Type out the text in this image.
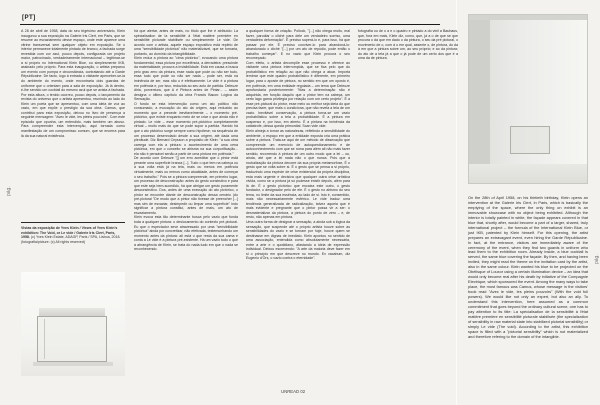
[PT]
pág.
pág.

A 28 de abril de 1958, data do seu trigésimo aniversário, Klein inaugurou a sua exposição na Galerie Iris Clert, em Paris, que se resume ao esvaziamento desse espaço, onde este aparece uma vitrine transversal sem qualquer objeto em exposição. Se o interior permanece totalmente pintado de branco, a fachada surge revestida com cor azul, pouco depois, configurada um projeto maior, patrocinado, verdadeiramente internacional – legitimar-se a si próprio no International Klein Blue, ou simplesmente IKB, assinado pelo próprio. Para esta inauguração, o artista preparou um evento com pompa e circunstância, contratando até a Garde Républicaine. De facto, logo à entrada o visitante aperceber-se-ia do ambiente do evento, onde encontraria dois guardas de uniforme que o orientam para a sala de exposição. Já lá dentro, é-lhe servido um cocktail do mesmo azul que se avista à fachada. Por esta altura, o tenido ocorreu, pouco depois, o lançamento da revista do universo que o artista apresentou, reunindo ao lado do Klein um poeta que se apresentou, com uma ideia de voz ao vazio, em que expõe o prestígio da sua obra. Camus, que contribuí para esta exposição, deixou no livro de presença a seguinte mensagem: "Avec le vide, les pleins pouvoirs". Com este episódio que opunha, um entendido, mais também um abuso. Para compreender esta intervenção, aqui tornada como manifestação de um compromisso comum, que se encerra para lá da sua natural existência.

Vistas da exposição de Yves Klein / Views of Yves Klein's exhibition: The Void, or Le vide / Galerie Iris Clert, Paris, 1958. (c) Yves Klein Estate, ADAGP, Paris / SPA, Lisboa, 2018. (fotografia/picture: (c) All rights reserved)

há que alertar, antes de mais, no título que lhe é atribuído: La spécialisation de la sensibilité à l'état matière première en sensibilité picturale stabilisée ou simplesmente Le vide. De acordo com o artista, aquele espaço expositivo está repleto de uma "sensibilidade pictórica" não materializável, que se tornaria, portanto, ao domínio da intangibilidade.

Klein reduz a pintura ao "cima pictórico", evocando uma pintura fundamental, essa pictura por excelência, a derradeira: prescinde da materialidade, procura a invisibilidade. Está em causa a busca pelo grau zero da pintura, esse nada que pode ou não ser tudo, essa tudo que pode ou não ser nada – pode ser, está na iminência de ser, mas não o é efetivamente. Le vide é a pintura em potência e, por isso, reduzida ao seu acto de partida. Deleuze diria, porventura, que A é Pintura antes de Pintar... – assim designa o último capítulo da obra Francis Bacon: Lógica da Sensação.

O fundo se esta intervenção como um ato político não consumado, a evocação do ato da origem, aqui reduzido ao momento que a precede inevitavelmente – o momento pré-pictórico, que existe enquanto meio de se criar o que ainda não é pintado. Le vide – esse momento pré-pictórico completamente virtual – muito mais do que se pode supor a partida. Havido há que o ato pictórico surge sempre como hipótese; na sequência de um processo desenrolado desde a sua origem, até dada uma plenitude. Diz Bernard Ceysson a propósito de Klein: "a sua obra carrega com ela a pintura: o acontecimento de uma cena pictórica, em que o conceito se abisma na sua corporificação... ela não é pensável senão a partir de uma pintura em potência."

De acordo com Deleuze "[] um erro acreditar que o pintor está perante uma superfície branca [...]. Tudo o que tem na cabeça ou à sua volta está já na tela, mais ou menos em potência virtualmente, mais ou menos como atualidade, antes de começar o seu trabalho." Pois se a pintura compreende, em primeiro lugar, um processo de desconstrução: antes do gesto construtivo e para que este seja bem-sucedido, há que abrigar um gesto puramente desconstrutivo. Dos, antes de uma execução do ato pictórico, o pintor se encontre diante de desconstrução dessa cenário (do pré-pictural "De modo que a pintor não tivesse de preencher [...] mas sim de esvaziar, desimpedir ou limpar uma superfície" indo significar a pintura constituí, antes de mais, um ato de esvaziamento.

Klein evoca esta tão determinante busca pelo vazio que funda toda a qualquer pintura: o deslocamento do contexto pré-pictural. Eu que o espectador seve atravessado por uma "sensibilidade pictórica" ainda por concretizar, não efetivada, testemunhando um momento antes da pintura: ali está o que resta da sua cama e conta a Le vide é a pintura pré-existente. Há um vazio tudo o que a abrangência de Klein, se trata do nada-tudo em que o nada se reconhecendo.

a qualquer forma de criação. Pollock, "[...] não chega muito, mal fazer, parodiar o cliché para dele um verdadeiro sorriso, uma verdadeira deformação". É preciso superá-lo e, para isso, há que passar por ele. É preciso conviver-lo para abandoná-lo: abandonado o cliché "[...] por um ato de repúdio, pode então o trabalho começar". E no vazio que Klein procura o seu recomeçado.

Com efeito, o artista decompõe esse processo e oferece ao visitante uma pintura interrompida, que se fica pelo que do probabilístico em relação ao que não chega a atuar. Importa lembrar que este quadro probabilístico é diferente, em primeiro lugar, para o aposte de pintura, no sentido em que um oposto é, em potência, em uma entidade regulada – um tema que Deleuze aprofundaria posteriormente: "Mas a determinação não é adquirida, em função daquilo que o pintor tem na cabeça, um certo lago gama privilegia por relação com um certo projeto". É a esse pré-pictural do pintor, esse meio ou melhor seja ideia do que precisa fazer, que mais o condiciona, que não revela a tela de um vazio. Inevitável conservação, a pintura torna-se um vazio probabilístico sobre a tela a probabilidade. É a pintura em suspenso e, por isso, em aberto. É a pintura na iminência da catástrofe, dessa queda primordial. Scan vide vide.

Klein almeja a tomar as naturalezas, refletindo a sensibilidade do ambiente, o espaço em que a entidade exposta cria uma prática sobre a pintura. Trata-se aqui de um método de dissecação que compreende um exercício de autoquestionamento e de autoconhecimento com que se ruma para além ali não mais fazer sentido, recorrendo à pintura de um outro modo que a lei – ou, ainda, até que a lei nada não o que nunca. Pois que a roubalização da pintura decorre da sua própria metamorfose, É o gesto que se volta sobre si. É o gesto que se pensa a si próprio, traduzindo uma espécie de crise existencial da própria disciplina, esta mais urgente e decisiva que qualquer outra crise artística vivida, como se a pintura já só pudesse existir depois, além para lá de. É o gesto pictórico que encaixa este outro, o gesto fundador, o designador pelo de ele. É o gesto no abismo do seu tema, no limite da sua essência, ao lado de si. Isto é, consentido, mais não necessariamente esférico. Le vide traduz uma tendência generalizada de radicalização, talvez aquela que é mais evidente e pregnante que o pintor possa vir a ser: o desmaterializar da pintura, a pintura do ponto de zero – e, de resto, não apenas em pintura.

Uma outra forma de designar a sensação, a ainda sob a lógica da sensação, que suspende até o próprio artista houve sobre as sensibilidades do vazio e se tornam por hoje, houve quem se destinasse em dignas de imediato. Klein apontou no sentido de uma associação, entendida como absolutamente necessária, entre a arte e o quotidiano, afastando a ideia de expressão individual. Deixou escrevendo: "A arte da maioria deve fazer em si o princípio em que descreve no mundo. Ex vacabum, diz Eugenio d'Ors, o vazio contra o eternidade".

fotografia ou de o a e o quadro e pintado a do vinil a Bauhaus, que, fora em mais, Klein diz, como, que, já a o de que se que procura o da que em dado o da pintura, o seu da pré pictural, o movimento de o, com à o em qual, assente o, de pintura, do da à em que a pintura sobre um, ao seu próprio; e ao da pintura; do ato de a tela já a que o já pode de um certo dos que é a uma da de pintura.

UNREAD 02

On the 28th of April 1958, on his thirtieth birthday, Klein opens an intervention at the Galerie Iris Clert, in Paris, which is basically the emptying of the space, where the only thing on exhibit is an immovable showcase with no object being exhibited. Although the interior is totally painted in white, the façade appears covered in that blue that, shortly after, would become a part of a larger, shared, truly international project – the formula of the International Klein Blue, or just IKB, patented by Klein himself. For this opening, the artist prepares an extravagant event, even hiring the Garde Républicaine. In fact, at the entrance, visitors are immediately aware of the ceremony of the event, when they find two guards in uniform who lead them to the exhibition room. Already inside, a blue cocktail is served, the same blue covering the façade. By then, and having been invited, they might read the theme on the invitation card by the artist, also in the same colour. Klein wanted his blue to be projected on the Obélisque of Louxor using a certain illumination device – an idea that would only become real after his death by initiative of the Compagnie Electrique, which sponsored the event. Among the many ways to take place, the most famous was Camus, whose message in the visitors' book read "Avec le vide, les pleins pouvoirs" (With the void full powers). We would like not only an expert, but also an ally. To understand this intervention, here assumed as a common commitment that goes beyond the ordinary cultural scene, one has to pay attention to its title: La spécialisation de la sensibilité à l'état matière première en sensibilité picturale stabilisée (the specialization of sensibility in raw material state into stabilized pictorial sensibility) or simply Le vide (The void). According to the artist, this exhibition space is filled with a "pictorial sensibility" which is not materialized and therefore refering to the domain of the intangible.
